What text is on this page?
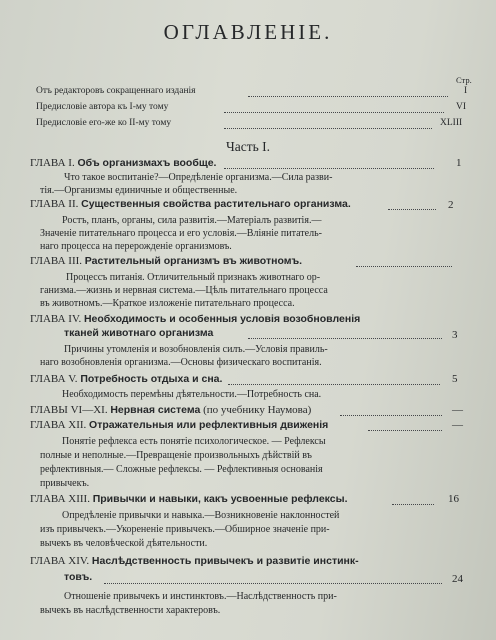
ОГЛАВЛЕНІЕ.
Стр.
Отъ редакторовъ сокращеннаго изданія	I
Предисловіе автора къ I-му тому	VI
Предисловіе его-же ко II-му тому	XLIII
Часть I.
ГЛАВА I. Объ организмахъ вообще.	1
Что такое воспитаніе?—Опредѣленіе организма.—Сила разви-
тія.—Организмы единичные и общественные.
ГЛАВА II. Существенныя свойства растительнаго организма.	2
Ростъ, планъ, органы, сила развитія.—Матеріалъ развитія.—
Значеніе питательнаго процесса и его условія.—Вліяніе питатель-
наго процесса на перерожденіе организмовъ.
ГЛАВА III. Растительный организмъ въ животномъ.
Процессъ питанія. Отличительный признакъ животнаго ор-
ганизма.—жизнь и нервная система.—Цѣль питательнаго процесса
въ животномъ.—Краткое изложеніе питательнаго процесса.
ГЛАВА IV. Необходимость и особенныя условія возобновленія
тканей животнаго организма	3
Причины утомленія и возобновленія силъ.—Условія правиль-
наго возобновленія организма.—Основы физическаго воспитанія.
ГЛАВА V. Потребность отдыха и сна.	5
Необходимость перемѣны дѣятельности.—Потребность сна.
ГЛАВЫ VI—XI. Нервная система (по учебнику Наумова)	—
ГЛАВА XII. Отражательныя или рефлективныя движенія	—
Понятіе рефлекса есть понятіе психологическое. — Рефлексы
полные и неполные.—Превращеніе произвольныхъ дѣйствій въ
рефлективныя.— Сложные рефлексы. — Рефлективныя основанія
привычекъ.
ГЛАВА XIII. Привычки и навыки, какъ усвоенные рефлексы.	16
Опредѣленіе привычки и навыка.—Возникновеніе наклонностей
изъ привычекъ.—Укорененіе привычекъ.—Обширное значеніе при-
вычекъ въ человѣческой дѣятельности.
ГЛАВА XIV. Наслѣдственность привычекъ и развитіе инстинк-
товъ.	24
Отношеніе привычекъ и инстинктовъ.—Наслѣдственность при-
вычекъ въ наслѣдственности характеровъ.
